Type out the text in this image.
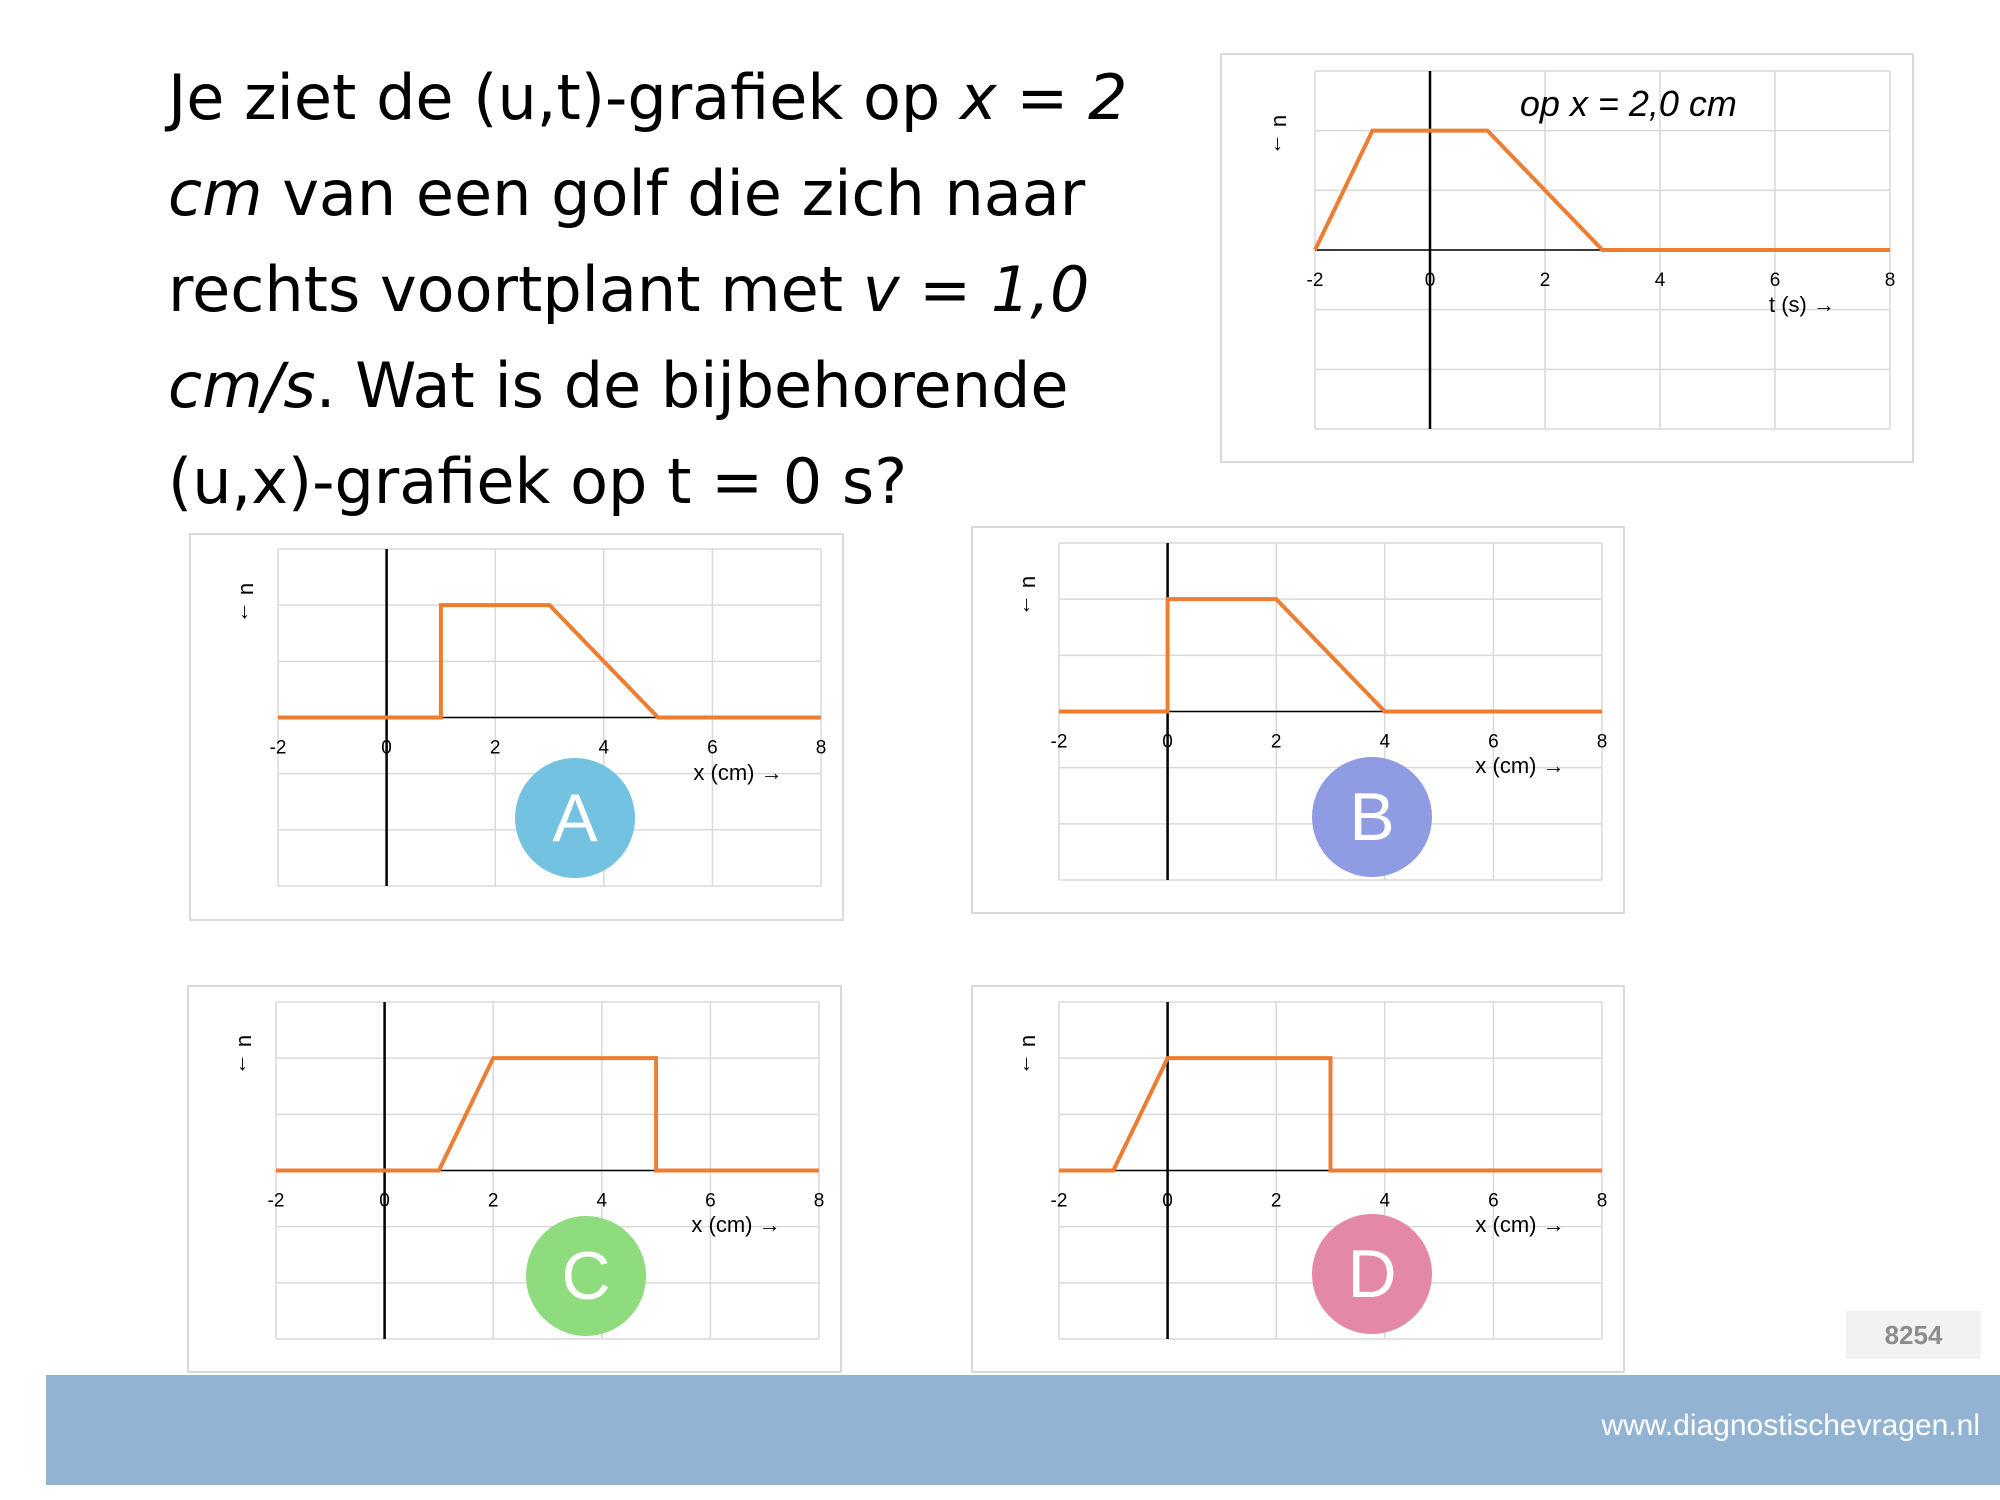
Je ziet de (u,t)-grafiek op x = 2 cm van een golf die zich naar rechts voortplant met v = 1,0 cm/s. Wat is de bijbehorende (u,x)-grafiek op t = 0 s?

-2	0	2	4	6	8
t (s) →
u →
op x = 2,0 cm
-2	0	2	4	6	8
x (cm) →
u →
-2	0	2	4	6	8
x (cm) →
u →
-2	0	2	4	6	8
x (cm) →
u →
-2	0	2	4	6	8
x (cm) →
u →
A	B
C	D
8254
www.diagnostischevragen.nl
